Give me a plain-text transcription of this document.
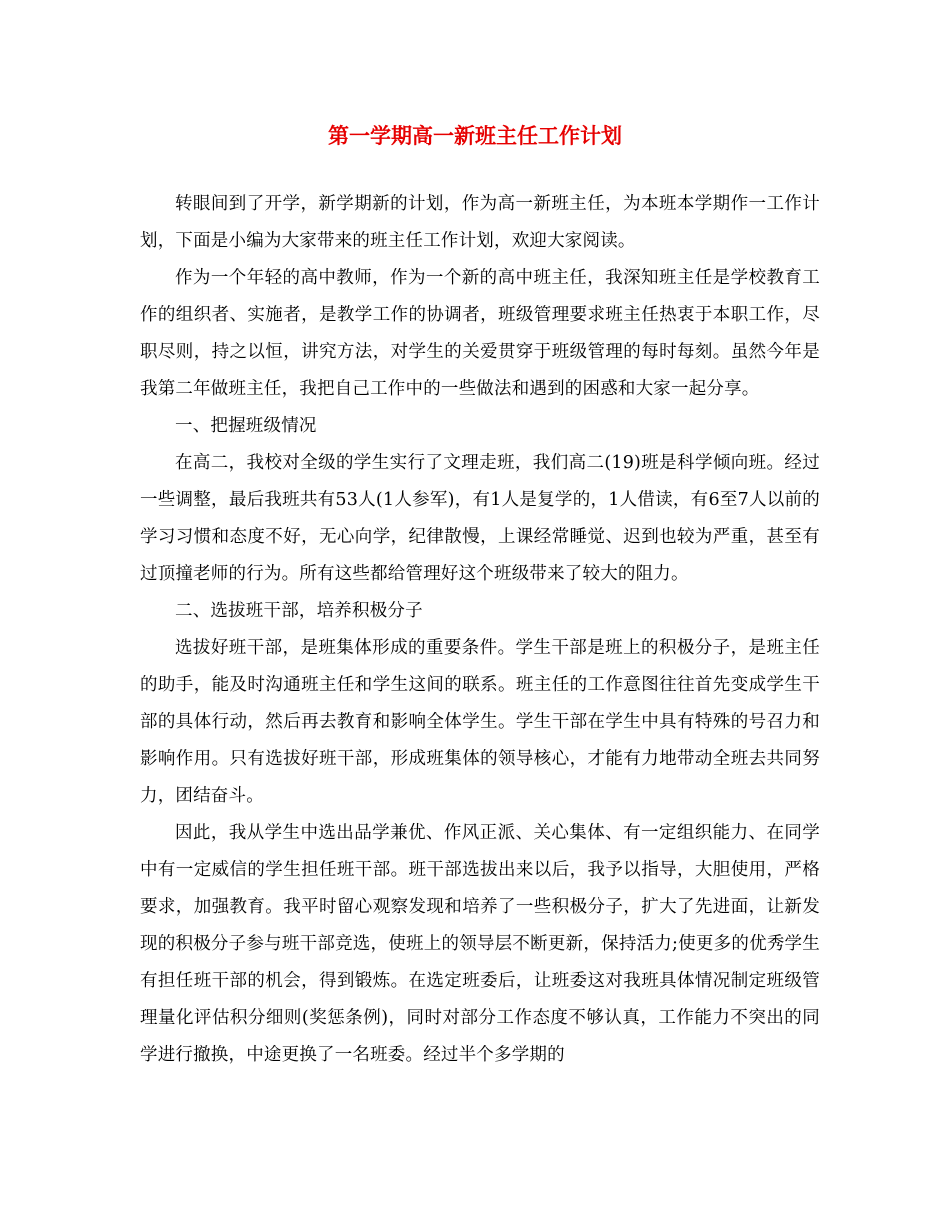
第一学期高一新班主任工作计划

转眼间到了开学，新学期新的计划，作为高一新班主任，为本班本学期作一工作计划，下面是小编为大家带来的班主任工作计划，欢迎大家阅读。

作为一个年轻的高中教师，作为一个新的高中班主任，我深知班主任是学校教育工作的组织者、实施者，是教学工作的协调者，班级管理要求班主任热衷于本职工作，尽职尽则，持之以恒，讲究方法，对学生的关爱贯穿于班级管理的每时每刻。虽然今年是我第二年做班主任，我把自己工作中的一些做法和遇到的困惑和大家一起分享。

一、把握班级情况

在高二，我校对全级的学生实行了文理走班，我们高二(19)班是科学倾向班。经过一些调整，最后我班共有53人(1人参军)，有1人是复学的，1人借读，有6至7人以前的学习习惯和态度不好，无心向学，纪律散慢，上课经常睡觉、迟到也较为严重，甚至有过顶撞老师的行为。所有这些都给管理好这个班级带来了较大的阻力。

二、选拔班干部，培养积极分子

选拔好班干部，是班集体形成的重要条件。学生干部是班上的积极分子，是班主任的助手，能及时沟通班主任和学生这间的联系。班主任的工作意图往往首先变成学生干部的具体行动，然后再去教育和影响全体学生。学生干部在学生中具有特殊的号召力和影响作用。只有选拔好班干部，形成班集体的领导核心，才能有力地带动全班去共同努力，团结奋斗。

因此，我从学生中选出品学兼优、作风正派、关心集体、有一定组织能力、在同学中有一定威信的学生担任班干部。班干部选拔出来以后，我予以指导，大胆使用，严格要求，加强教育。我平时留心观察发现和培养了一些积极分子，扩大了先进面，让新发现的积极分子参与班干部竞选，使班上的领导层不断更新，保持活力;使更多的优秀学生有担任班干部的机会，得到锻炼。在选定班委后，让班委这对我班具体情况制定班级管理量化评估积分细则(奖惩条例)，同时对部分工作态度不够认真，工作能力不突出的同学进行撤换，中途更换了一名班委。经过半个多学期的
